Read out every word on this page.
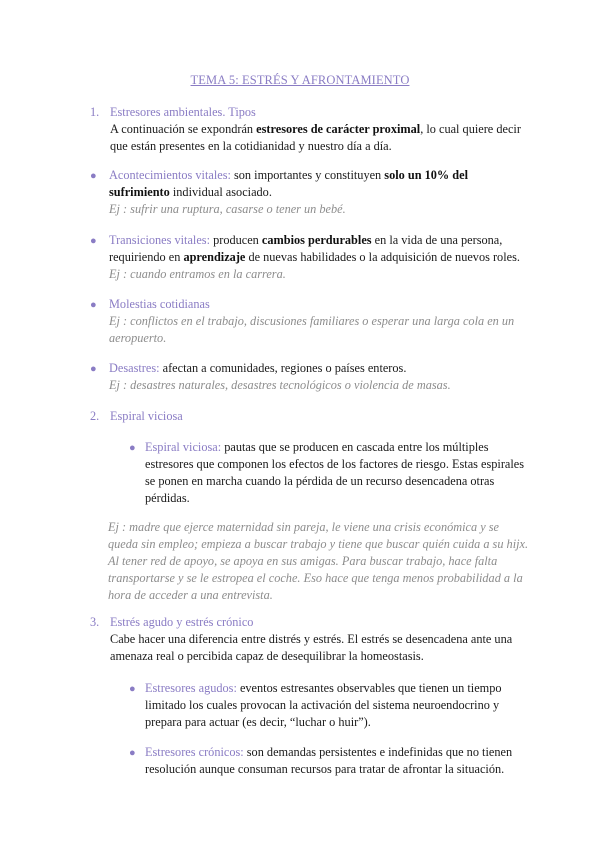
TEMA 5: ESTRÉS Y AFRONTAMIENTO
1. Estresores ambientales. Tipos

A continuación se expondrán estresores de carácter proximal, lo cual quiere decir que están presentes en la cotidianidad y nuestro día a día.

● Acontecimientos vitales: son importantes y constituyen solo un 10% del sufrimiento individual asociado.

Ej : sufrir una ruptura, casarse o tener un bebé.

● Transiciones vitales: producen cambios perdurables en la vida de una persona, requiriendo en aprendizaje de nuevas habilidades o la adquisición de nuevos roles.

Ej : cuando entramos en la carrera.

● Molestias cotidianas

Ej : conflictos en el trabajo, discusiones familiares o esperar una larga cola en un aeropuerto.

● Desastres: afectan a comunidades, regiones o países enteros.

Ej : desastres naturales, desastres tecnológicos o violencia de masas.

2. Espiral viciosa
● Espiral viciosa: pautas que se producen en cascada entre los múltiples estresores que componen los efectos de los factores de riesgo. Estas espirales se ponen en marcha cuando la pérdida de un recurso desencadena otras pérdidas.

Ej : madre que ejerce maternidad sin pareja, le viene una crisis económica y se queda sin empleo; empieza a buscar trabajo y tiene que buscar quién cuida a su hijx. Al tener red de apoyo, se apoya en sus amigas. Para buscar trabajo, hace falta transportarse y se le estropea el coche. Eso hace que tenga menos probabilidad a la hora de acceder a una entrevista.
3. Estrés agudo y estrés crónico

Cabe hacer una diferencia entre distrés y estrés. El estrés se desencadena ante una amenaza real o percibida capaz de desequilibrar la homeostasis.

● Estresores agudos: eventos estresantes observables que tienen un tiempo limitado los cuales provocan la activación del sistema neuroendocrino y prepara para actuar (es decir, “luchar o huir”).

● Estresores crónicos: son demandas persistentes e indefinidas que no tienen resolución aunque consuman recursos para tratar de afrontar la situación.
